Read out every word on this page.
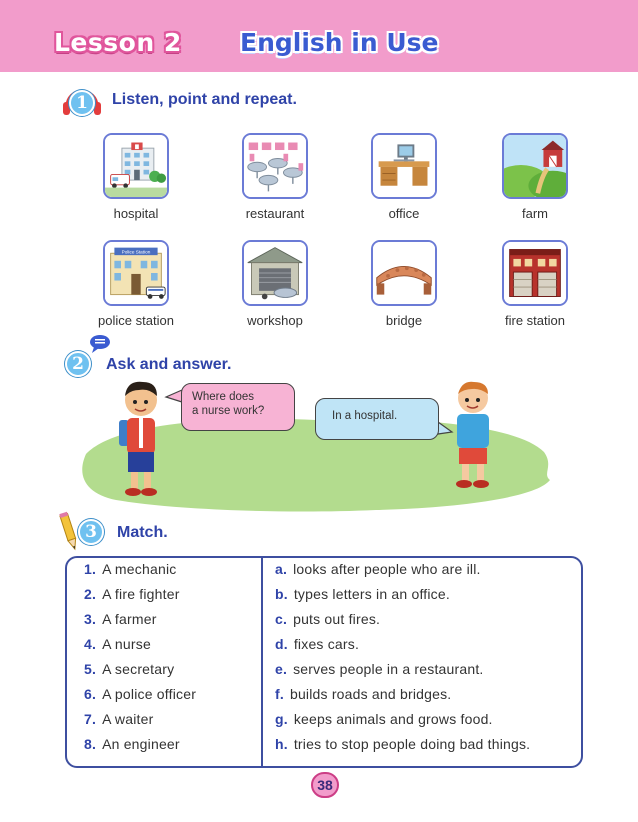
Lesson 2 English in Use
1	Listen, point and repeat.
hospital	restaurant	office	farm
Police Station
police station	workshop	bridge	fire station
2	Ask and answer.
Where does
a nurse work?	In a hospital.
3	Match.
1. A mechanic
2. A fire fighter
3. A farmer
4. A nurse
5. A secretary
6. A police officer
7. A waiter
8. An engineer
a. looks after people who are ill.
b. types letters in an office.
c. puts out fires.
d. fixes cars.
e. serves people in a restaurant.
f. builds roads and bridges.
g. keeps animals and grows food.
h. tries to stop people doing bad things.
38
